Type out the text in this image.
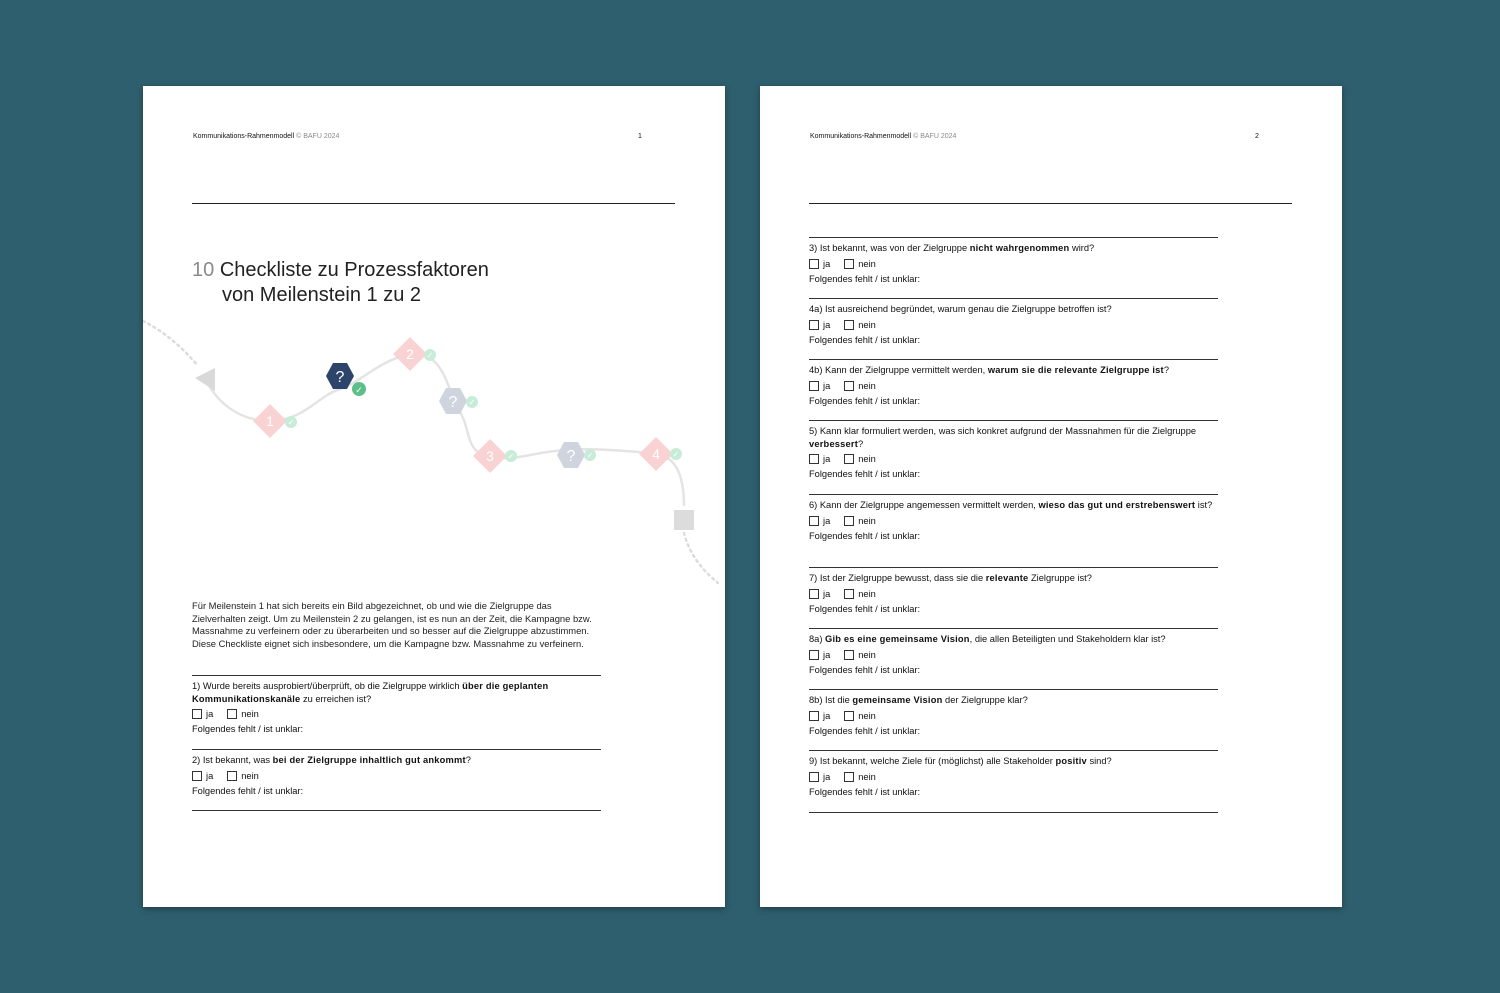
Kommunikations-Rahmenmodell © BAFU 2024	1
10 Checkliste zu Prozessfaktoren
von Meilenstein 1 zu 2
1 ✓
?
✓
2 ✓
? ✓
3 ✓	? ✓	4 ✓
Für Meilenstein 1 hat sich bereits ein Bild abgezeichnet, ob und wie die Zielgruppe das Zielverhalten zeigt. Um zu Meilenstein 2 zu gelangen, ist es nun an der Zeit, die Kampagne bzw. Massnahme zu verfeinern oder zu überarbeiten und so besser auf die Zielgruppe abzustimmen. Diese Checkliste eignet sich insbesondere, um die Kampagne bzw. Massnahme zu verfeinern.
1) Wurde bereits ausprobiert/überprüft, ob die Zielgruppe wirklich über die geplanten Kommunikationskanäle zu erreichen ist?
ja	nein
Folgendes fehlt / ist unklar:
2) Ist bekannt, was bei der Zielgruppe inhaltlich gut ankommt?
ja	nein
Folgendes fehlt / ist unklar:
Kommunikations-Rahmenmodell © BAFU 2024	2
3) Ist bekannt, was von der Zielgruppe nicht wahrgenommen wird?
ja	nein
Folgendes fehlt / ist unklar:
4a) Ist ausreichend begründet, warum genau die Zielgruppe betroffen ist?
ja	nein
Folgendes fehlt / ist unklar:
4b) Kann der Zielgruppe vermittelt werden, warum sie die relevante Zielgruppe ist?
ja	nein
Folgendes fehlt / ist unklar:
5) Kann klar formuliert werden, was sich konkret aufgrund der Massnahmen für die Zielgruppe verbessert?
ja	nein
Folgendes fehlt / ist unklar:
6) Kann der Zielgruppe angemessen vermittelt werden, wieso das gut und erstrebenswert ist?
ja	nein
Folgendes fehlt / ist unklar:
7) Ist der Zielgruppe bewusst, dass sie die relevante Zielgruppe ist?
ja	nein
Folgendes fehlt / ist unklar:
8a) Gib es eine gemeinsame Vision, die allen Beteiligten und Stakeholdern klar ist?
ja	nein
Folgendes fehlt / ist unklar:
8b) Ist die gemeinsame Vision der Zielgruppe klar?
ja	nein
Folgendes fehlt / ist unklar:
9) Ist bekannt, welche Ziele für (möglichst) alle Stakeholder positiv sind?
ja	nein
Folgendes fehlt / ist unklar:
